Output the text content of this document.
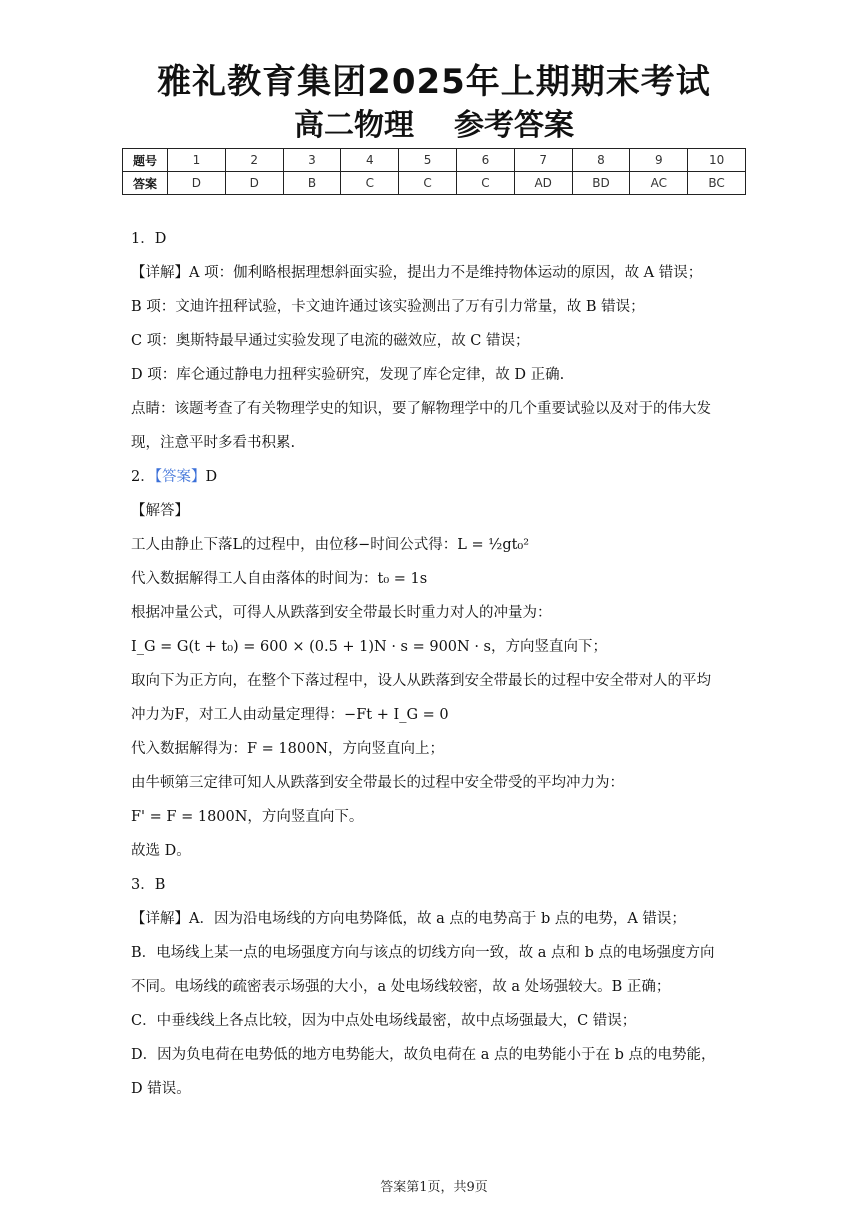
雅礼教育集团2025年上期期末考试
高二物理 参考答案
题号	1	2	3	4	5	6	7	8	9	10
答案	D	D	B	C	C	C	AD	BD	AC	BC

1．D

【详解】A 项：伽利略根据理想斜面实验，提出力不是维持物体运动的原因，故 A 错误；

B 项：文迪许扭秤试验，卡文迪许通过该实验测出了万有引力常量，故 B 错误；

C 项：奥斯特最早通过实验发现了电流的磁效应，故 C 错误；

D 项：库仑通过静电力扭秤实验研究，发现了库仑定律，故 D 正确.

点睛：该题考查了有关物理学史的知识，要了解物理学中的几个重要试验以及对于的伟大发

现，注意平时多看书积累.

2．【答案】D

【解答】

工人由静止下落L的过程中，由位移−时间公式得：L = ½gt₀²

代入数据解得工人自由落体的时间为：t₀ = 1s

根据冲量公式，可得人从跌落到安全带最长时重力对人的冲量为：

I_G = G(t + t₀) = 600 × (0.5 + 1)N · s = 900N · s，方向竖直向下；

取向下为正方向，在整个下落过程中，设人从跌落到安全带最长的过程中安全带对人的平均

冲力为F，对工人由动量定理得：−Ft + I_G = 0

代入数据解得为：F = 1800N，方向竖直向上；

由牛顿第三定律可知人从跌落到安全带最长的过程中安全带受的平均冲力为：

F' = F = 1800N，方向竖直向下。

故选 D。

3．B

【详解】A．因为沿电场线的方向电势降低，故 a 点的电势高于 b 点的电势，A 错误；

B．电场线上某一点的电场强度方向与该点的切线方向一致，故 a 点和 b 点的电场强度方向

不同。电场线的疏密表示场强的大小，a 处电场线较密，故 a 处场强较大。B 正确；

C．中垂线线上各点比较，因为中点处电场线最密，故中点场强最大，C 错误；

D．因为负电荷在电势低的地方电势能大，故负电荷在 a 点的电势能小于在 b 点的电势能，

D 错误。

答案第1页，共9页
